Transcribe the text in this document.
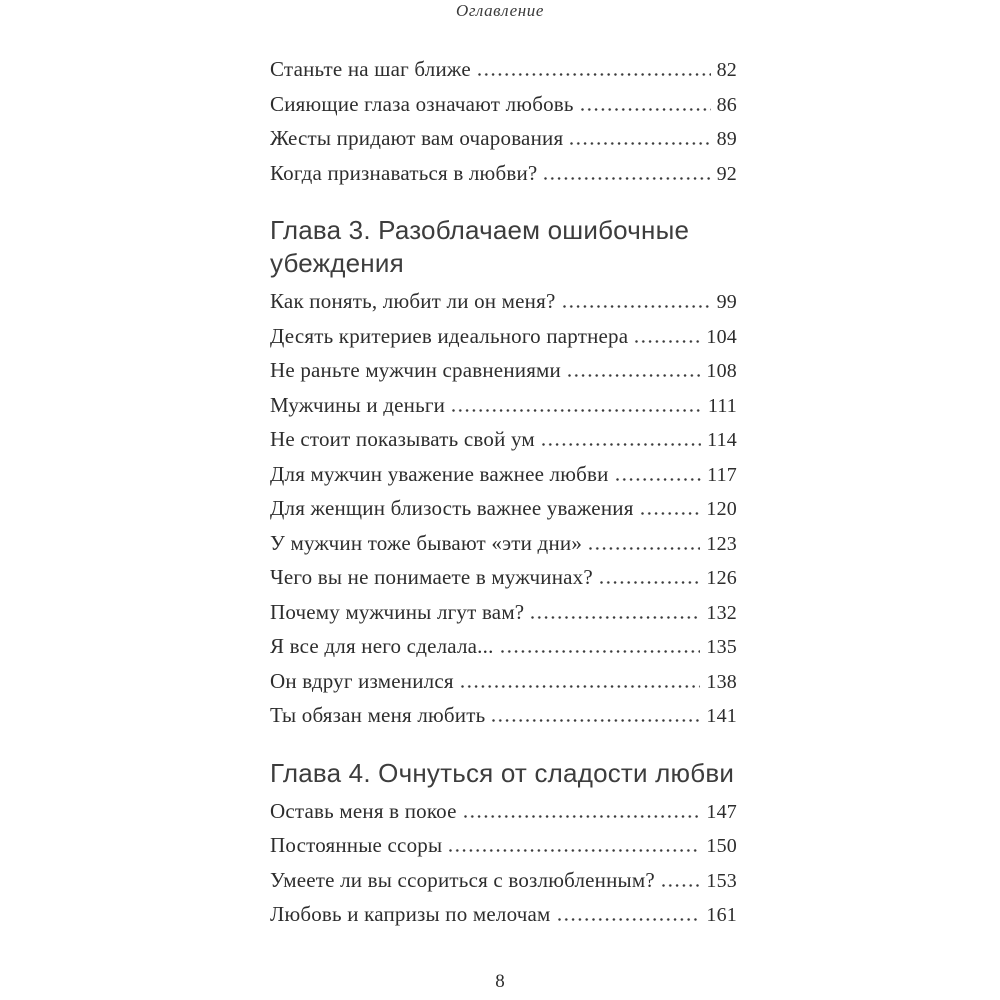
Оглавление
Станьте на шаг ближе	82
Сияющие глаза означают любовь	86
Жесты придают вам очарования	89
Когда признаваться в любви?	92
Глава 3. Разоблачаем ошибочные убеждения
Как понять, любит ли он меня?	99
Десять критериев идеального партнера	104
Не раньте мужчин сравнениями	108
Мужчины и деньги	111
Не стоит показывать свой ум	114
Для мужчин уважение важнее любви	117
Для женщин близость важнее уважения	120
У мужчин тоже бывают «эти дни»	123
Чего вы не понимаете в мужчинах?	126
Почему мужчины лгут вам?	132
Я все для него сделала...	135
Он вдруг изменился	138
Ты обязан меня любить	141
Глава 4. Очнуться от сладости любви
Оставь меня в покое	147
Постоянные ссоры	150
Умеете ли вы ссориться с возлюбленным?	153
Любовь и капризы по мелочам	161
8
